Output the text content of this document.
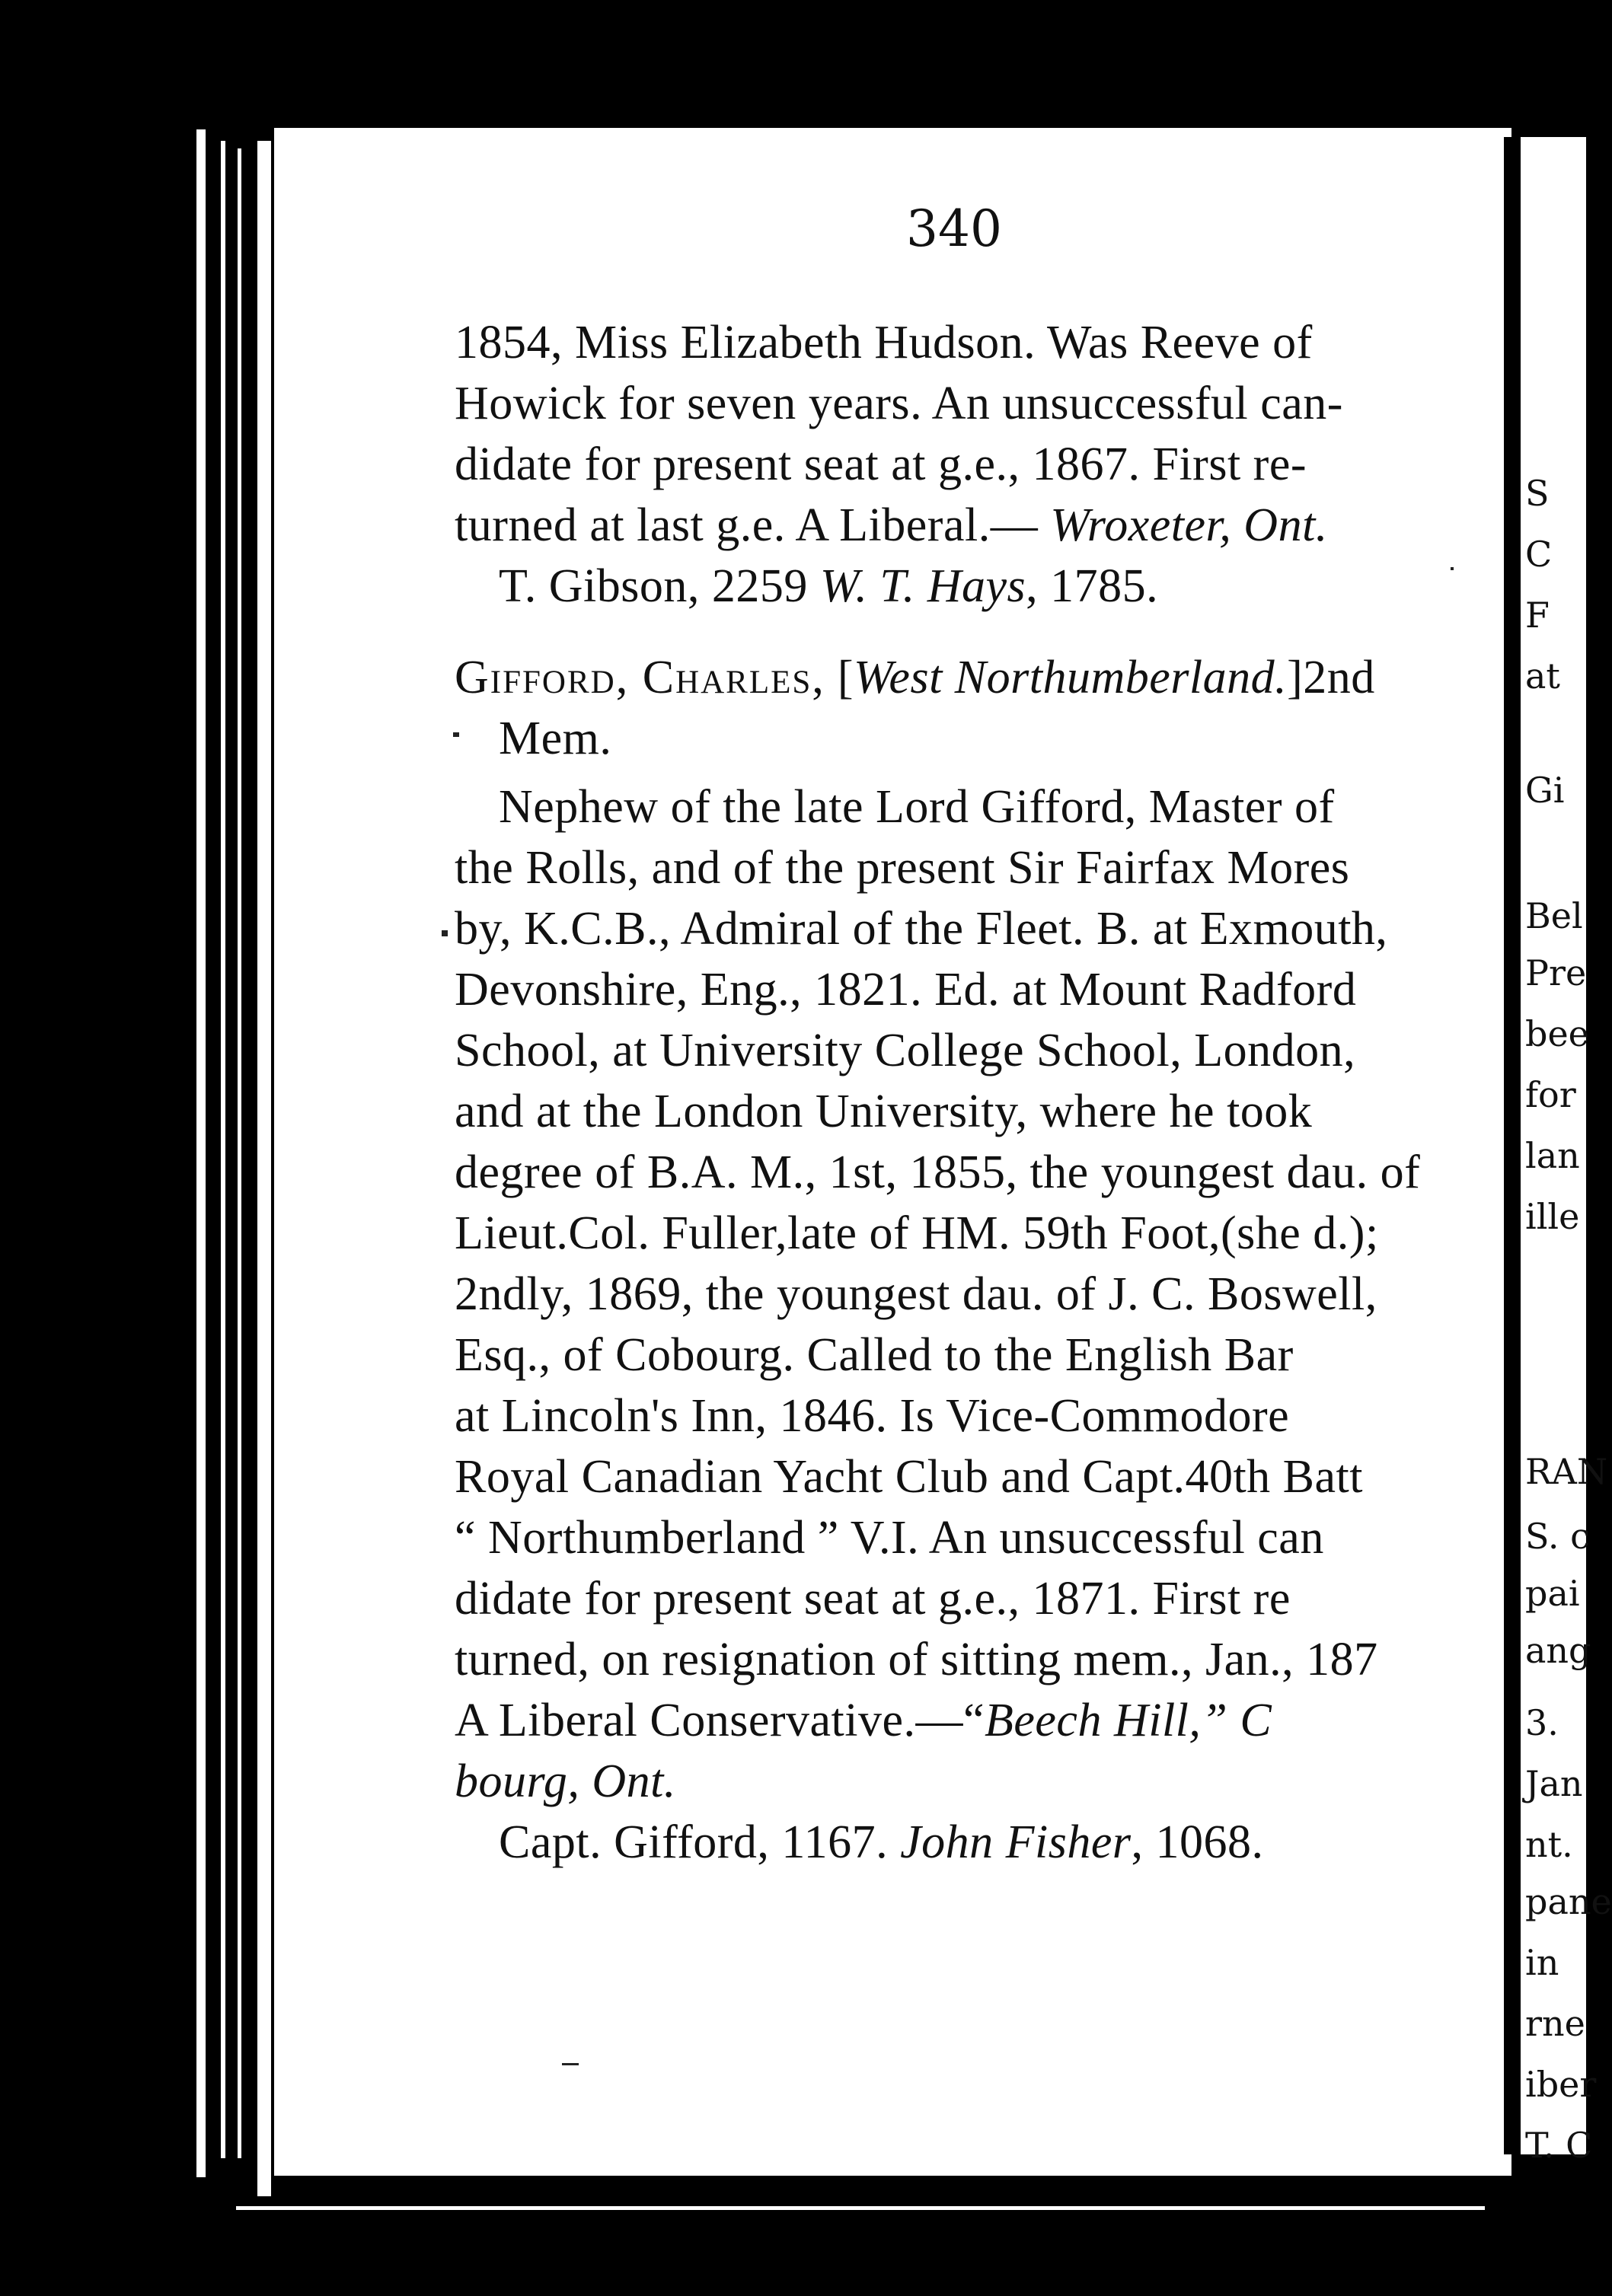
S
C
F
at
Gi
Bel
Pre
bee
for
lan
ille
RAN
S. c
pai
ang
3.
Jan
nt.
pane
in
rne
iber
T. C
340
1854, Miss Elizabeth Hudson. Was Reeve of
Howick for seven years. An unsuccessful can-
didate for present seat at g.e., 1867. First re-
turned at last g.e. A Liberal.— Wroxeter, Ont.
T. Gibson, 2259 W. T. Hays, 1785.
Gifford, Charles, [West Northumberland.]2nd
Mem.
Nephew of the late Lord Gifford, Master of
the Rolls, and of the present Sir Fairfax Mores
by, K.C.B., Admiral of the Fleet. B. at Exmouth,
Devonshire, Eng., 1821. Ed. at Mount Radford
School, at University College School, London,
and at the London University, where he took
degree of B.A. M., 1st, 1855, the youngest dau. of
Lieut.Col. Fuller,late of HM. 59th Foot,(she d.);
2ndly, 1869, the youngest dau. of J. C. Boswell,
Esq., of Cobourg. Called to the English Bar
at Lincoln's Inn, 1846. Is Vice-Commodore
Royal Canadian Yacht Club and Capt.40th Batt
“ Northumberland ” V.I. An unsuccessful can
didate for present seat at g.e., 1871. First re
turned, on resignation of sitting mem., Jan., 187
A Liberal Conservative.—“Beech Hill,” C
bourg, Ont.
Capt. Gifford, 1167. John Fisher, 1068.
